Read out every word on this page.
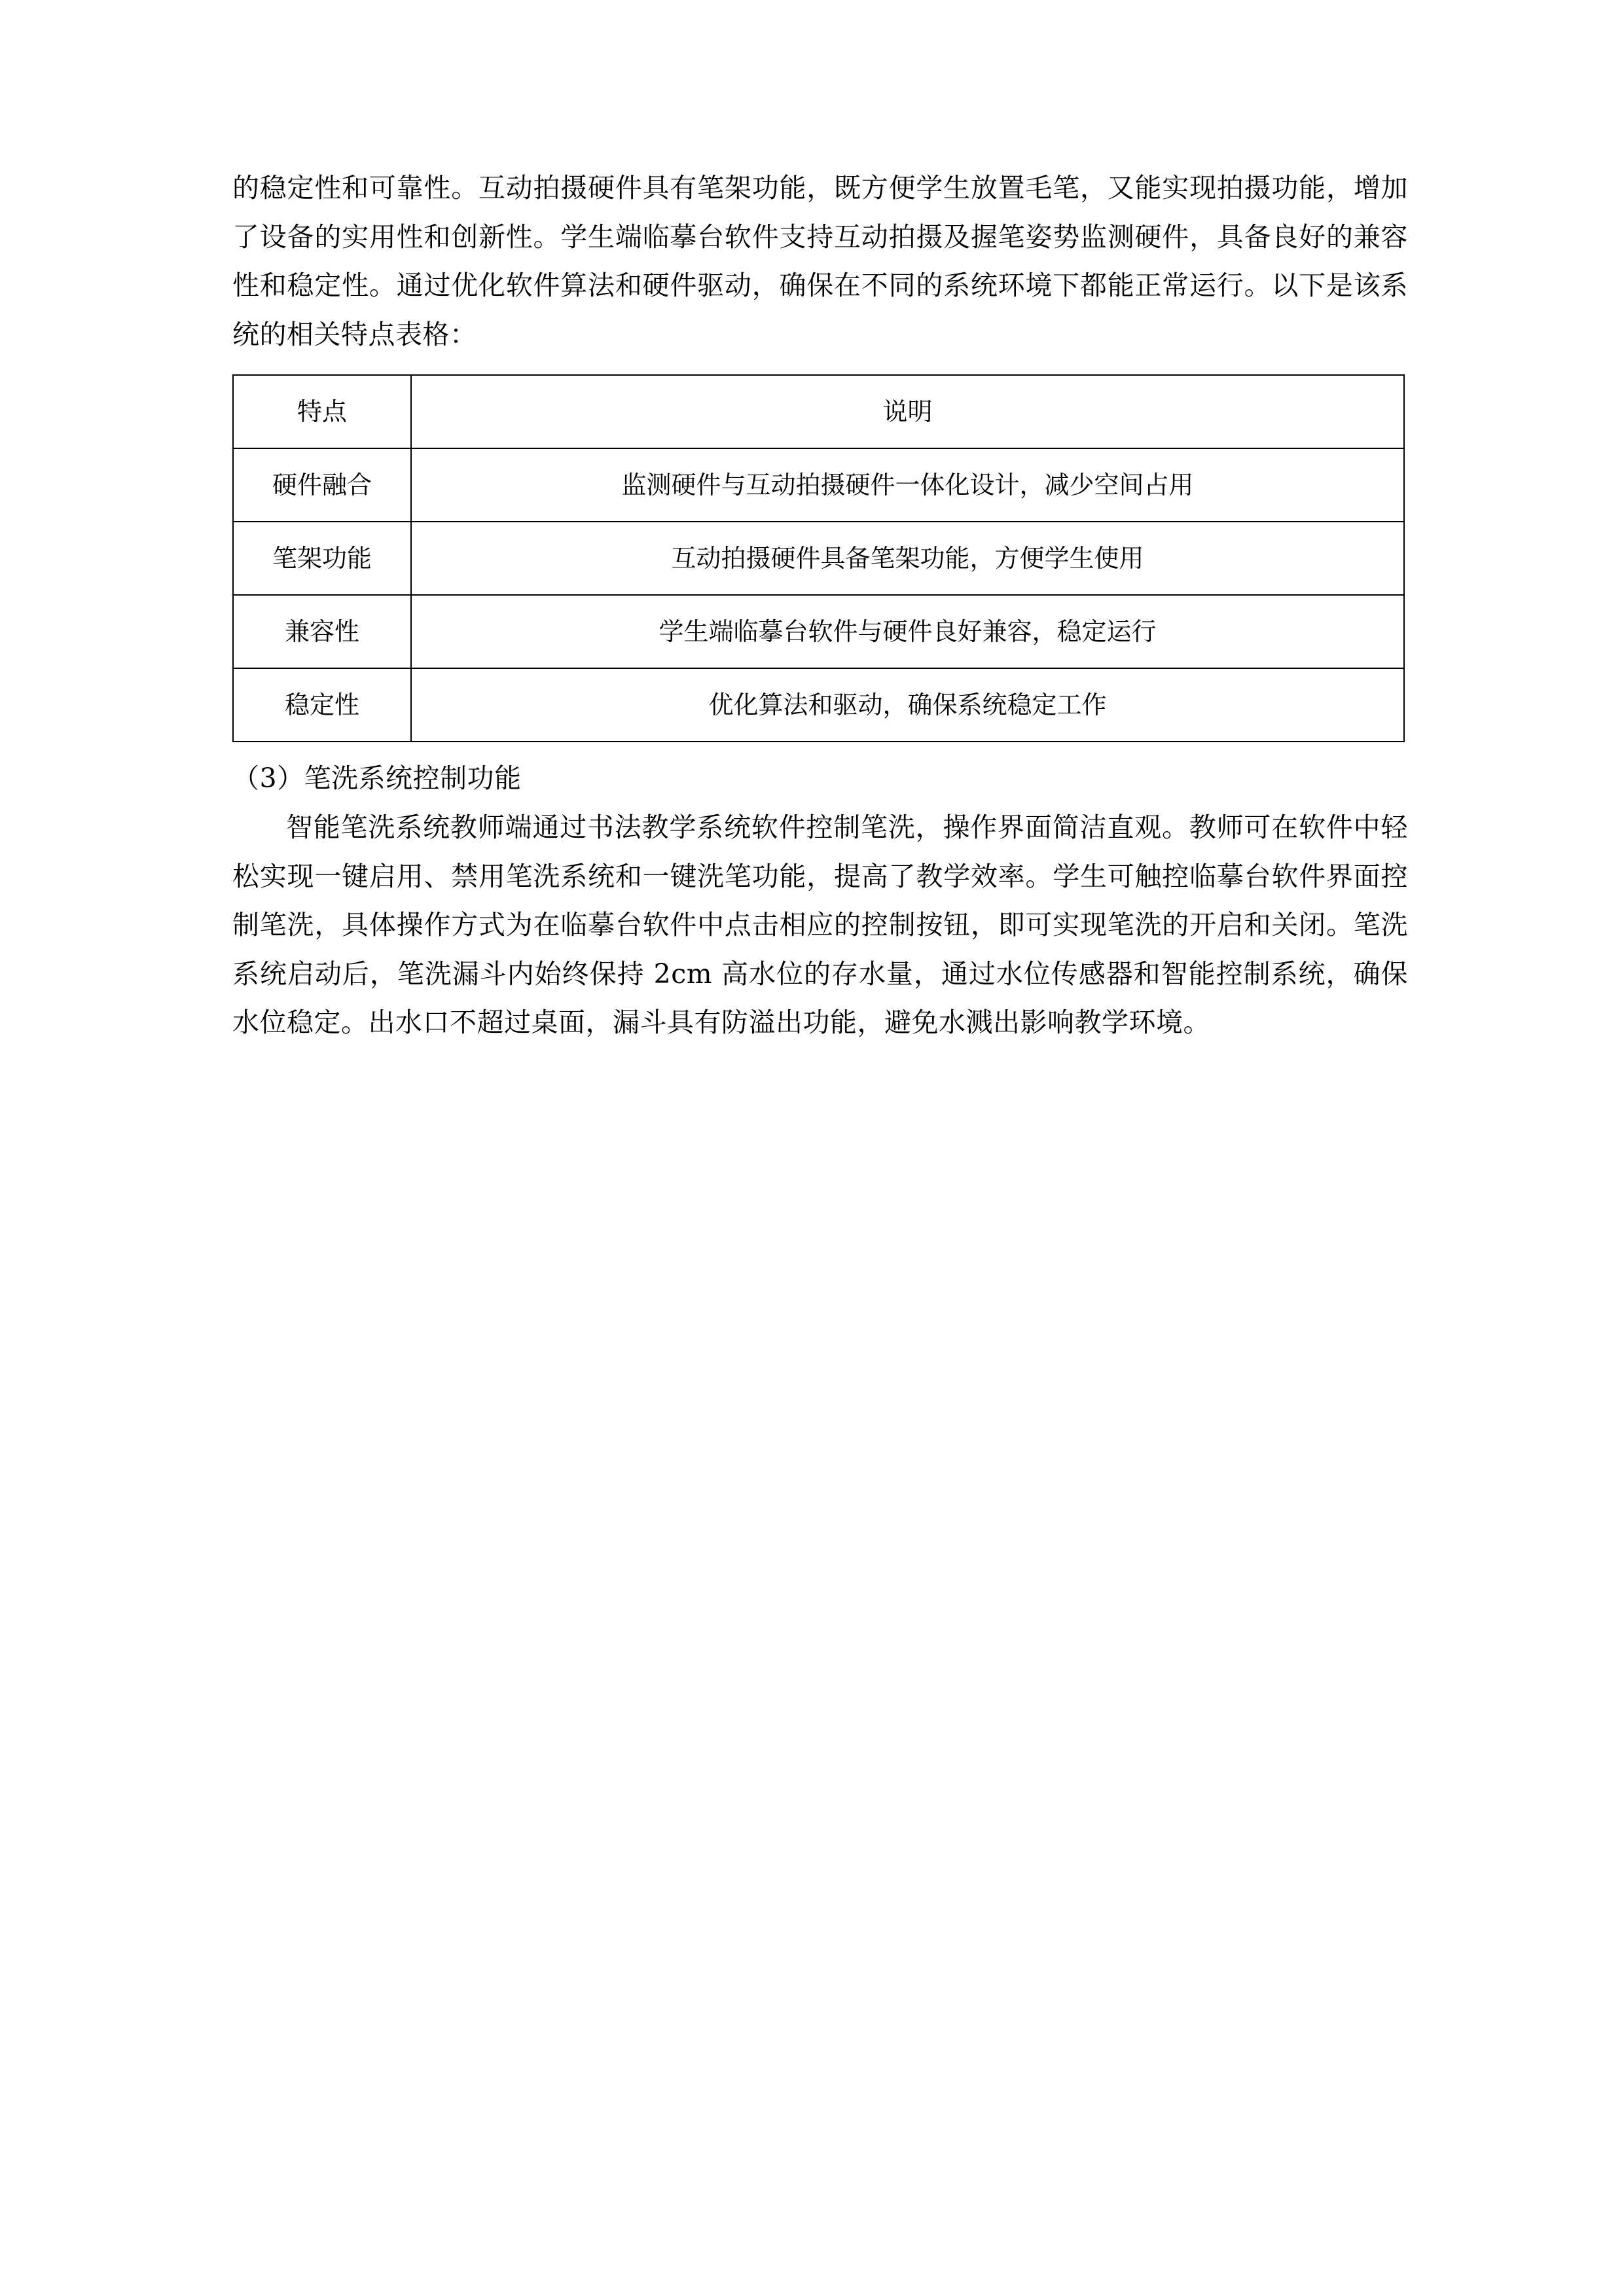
的稳定性和可靠性。互动拍摄硬件具有笔架功能，既方便学生放置毛笔，又能实现拍摄功能，增加了设备的实用性和创新性。学生端临摹台软件支持互动拍摄及握笔姿势监测硬件，具备良好的兼容性和稳定性。通过优化软件算法和硬件驱动，确保在不同的系统环境下都能正常运行。以下是该系统的相关特点表格：

特点	说明
硬件融合	监测硬件与互动拍摄硬件一体化设计，减少空间占用
笔架功能	互动拍摄硬件具备笔架功能，方便学生使用
兼容性	学生端临摹台软件与硬件良好兼容，稳定运行
稳定性	优化算法和驱动，确保系统稳定工作

（3）笔洗系统控制功能

智能笔洗系统教师端通过书法教学系统软件控制笔洗，操作界面简洁直观。教师可在软件中轻松实现一键启用、禁用笔洗系统和一键洗笔功能，提高了教学效率。学生可触控临摹台软件界面控制笔洗，具体操作方式为在临摹台软件中点击相应的控制按钮，即可实现笔洗的开启和关闭。笔洗系统启动后，笔洗漏斗内始终保持 2cm 高水位的存水量，通过水位传感器和智能控制系统，确保水位稳定。出水口不超过桌面，漏斗具有防溢出功能，避免水溅出影响教学环境。
